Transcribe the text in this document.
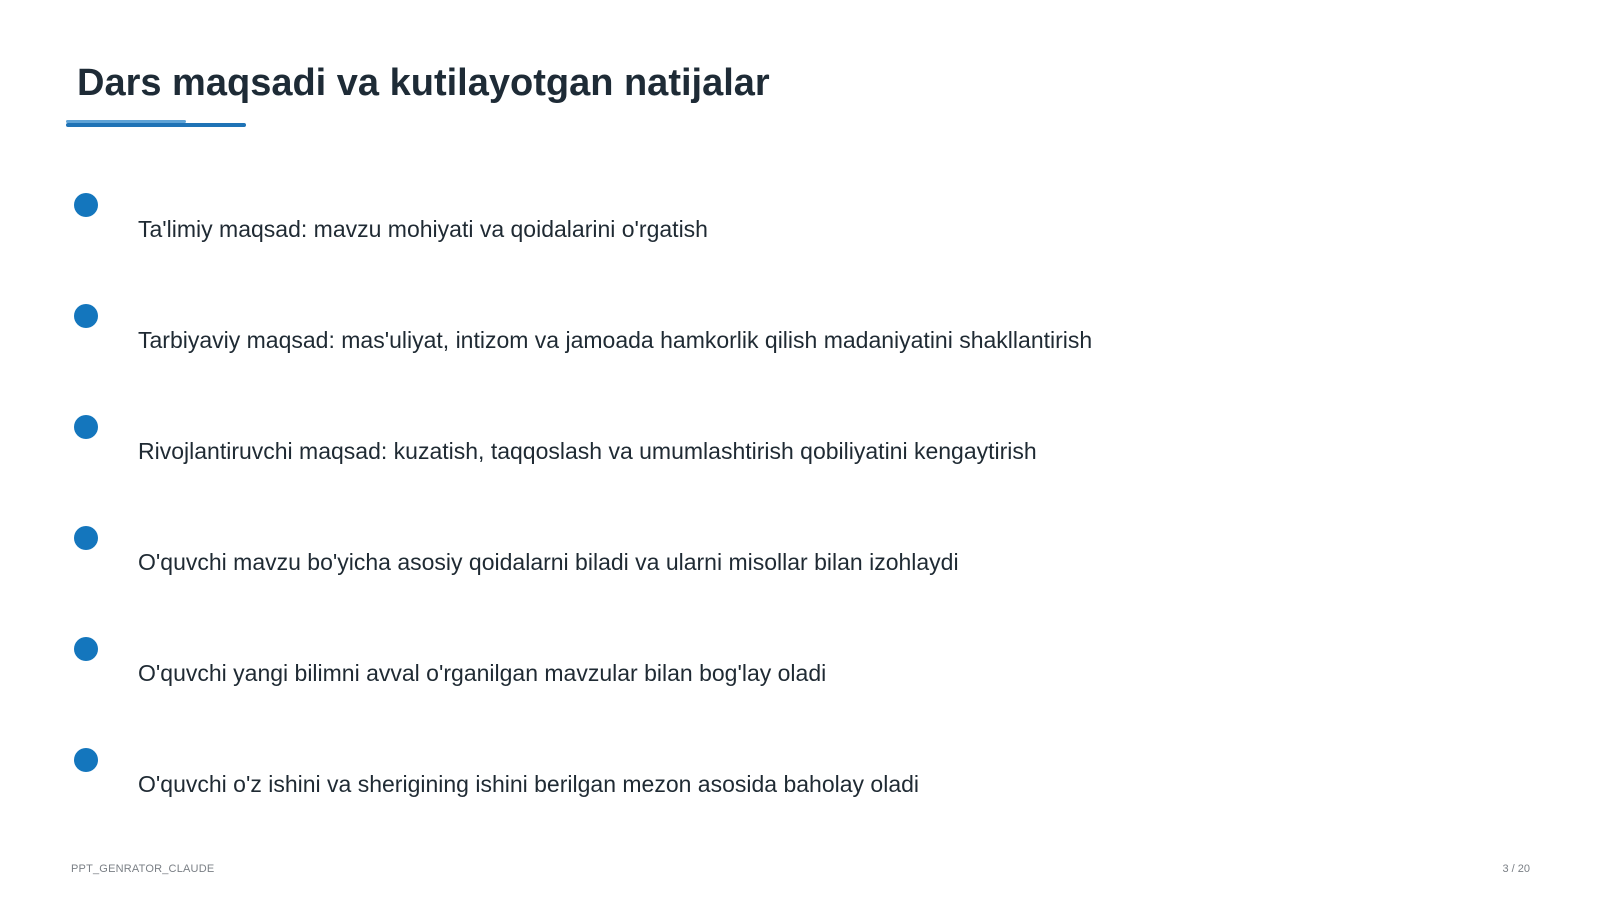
Dars maqsadi va kutilayotgan natijalar
Ta'limiy maqsad: mavzu mohiyati va qoidalarini o'rgatish
Tarbiyaviy maqsad: mas'uliyat, intizom va jamoada hamkorlik qilish madaniyatini shakllantirish
Rivojlantiruvchi maqsad: kuzatish, taqqoslash va umumlashtirish qobiliyatini kengaytirish
O'quvchi mavzu bo'yicha asosiy qoidalarni biladi va ularni misollar bilan izohlaydi
O'quvchi yangi bilimni avval o'rganilgan mavzular bilan bog'lay oladi
O'quvchi o'z ishini va sherigining ishini berilgan mezon asosida baholay oladi
PPT_GENRATOR_CLAUDE	3 / 20
